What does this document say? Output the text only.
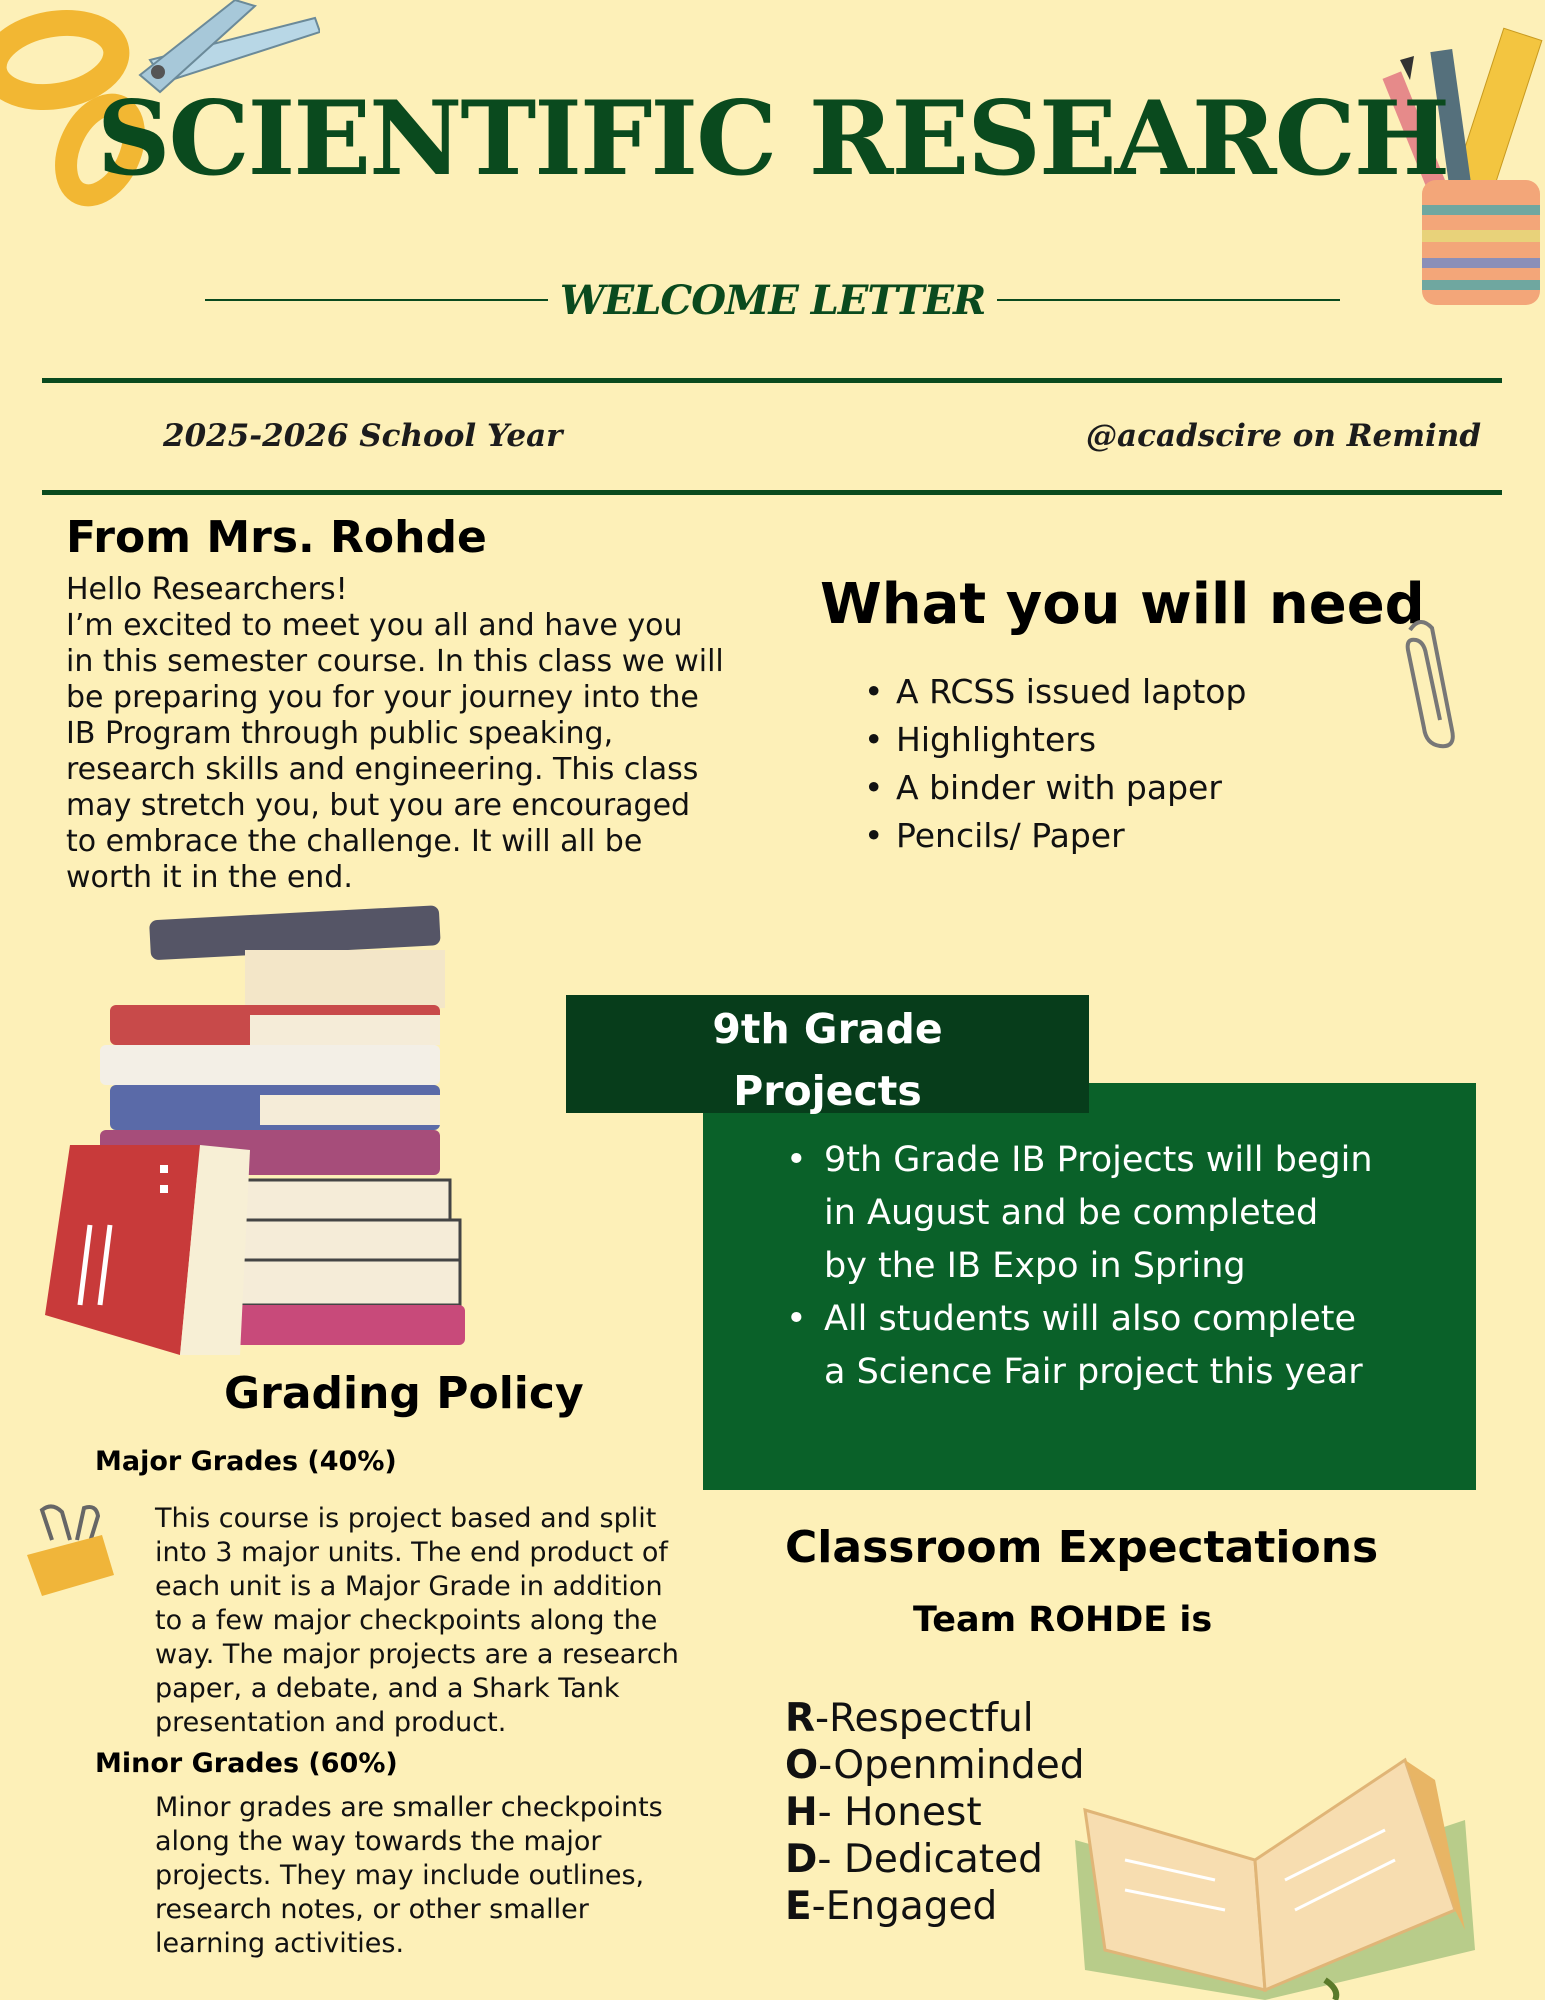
SCIENTIFIC RESEARCH
WELCOME LETTER
2025-2026 School Year	@acadscire on Remind
From Mrs. Rohde
Hello Researchers!
I’m excited to meet you all and have you
in this semester course. In this class we will
be preparing you for your journey into the
IB Program through public speaking,
research skills and engineering. This class
may stretch you, but you are encouraged
to embrace the challenge. It will all be
worth it in the end.
What you will need
• A RCSS issued laptop
• Highlighters
• A binder with paper
• Pencils/ Paper
9th Grade
Projects
• 9th Grade IB Projects will begin
in August and be completed
by the IB Expo in Spring
• All students will also complete
a Science Fair project this year
Grading Policy
Major Grades (40%)
This course is project based and split
into 3 major units. The end product of
each unit is a Major Grade in addition
to a few major checkpoints along the
way. The major projects are a research
paper, a debate, and a Shark Tank
presentation and product.
Minor Grades (60%)
Minor grades are smaller checkpoints
along the way towards the major
projects. They may include outlines,
research notes, or other smaller
learning activities.
Classroom Expectations
Team ROHDE is
R-Respectful
O-Openminded
H- Honest
D- Dedicated
E-Engaged
